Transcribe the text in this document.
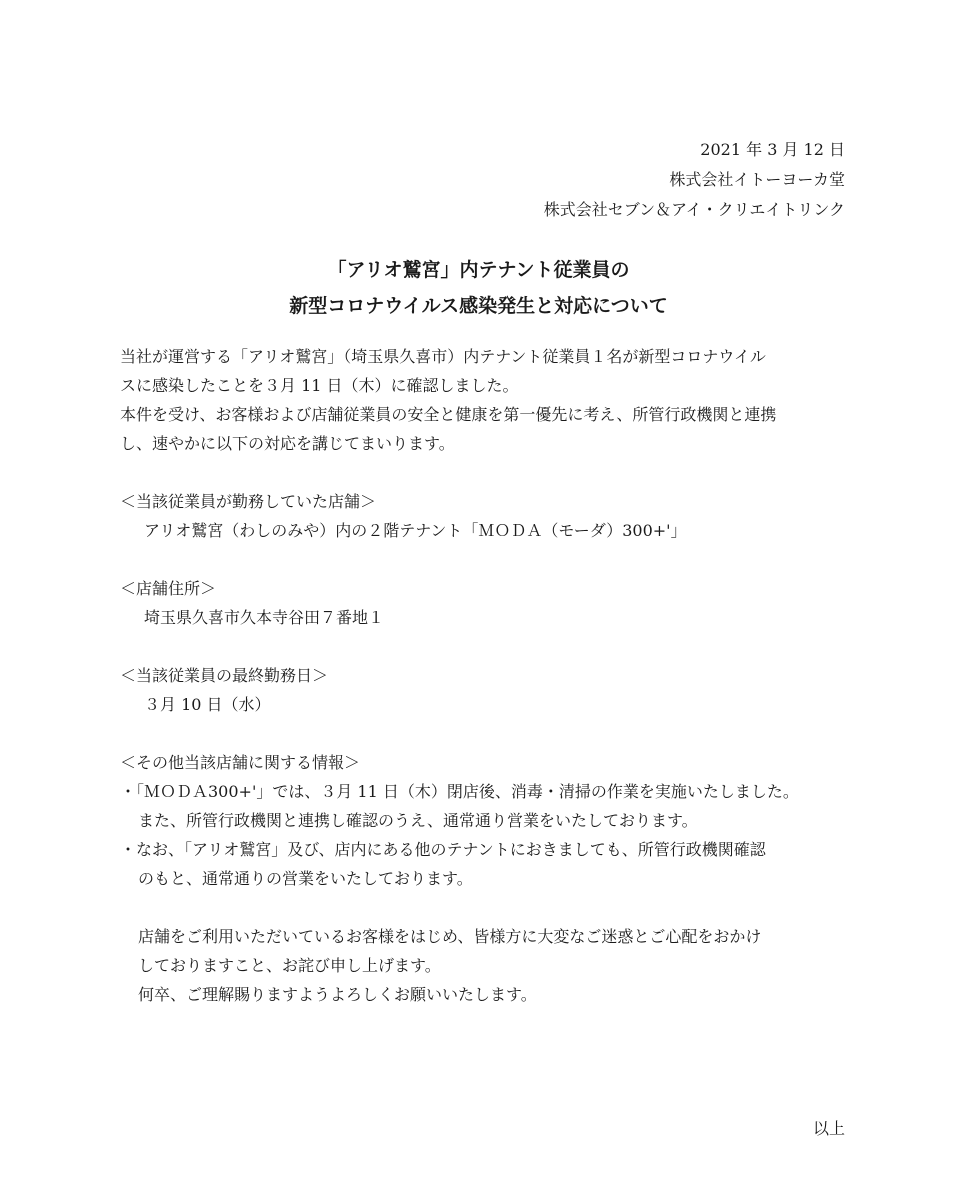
2021 年 3 月 12 日
株式会社イトーヨーカ堂
株式会社セブン＆アイ・クリエイトリンク
「アリオ鷲宮」内テナント従業員の
新型コロナウイルス感染発生と対応について
当社が運営する「アリオ鷲宮」（埼玉県久喜市）内テナント従業員１名が新型コロナウイル
スに感染したことを３月 11 日（木）に確認しました。
本件を受け、お客様および店舗従業員の安全と健康を第一優先に考え、所管行政機関と連携
し、速やかに以下の対応を講じてまいります。
＜当該従業員が勤務していた店舗＞
アリオ鷲宮（わしのみや）内の２階テナント「ＭＯＤＡ（モーダ）300+'」
＜店舗住所＞
埼玉県久喜市久本寺谷田７番地１
＜当該従業員の最終勤務日＞
３月 10 日（水）
＜その他当該店舗に関する情報＞
・「ＭＯＤＡ300+'」では、３月 11 日（木）閉店後、消毒・清掃の作業を実施いたしました。
また、所管行政機関と連携し確認のうえ、通常通り営業をいたしております。
・なお、「アリオ鷲宮」及び、店内にある他のテナントにおきましても、所管行政機関確認
のもと、通常通りの営業をいたしております。
店舗をご利用いただいているお客様をはじめ、皆様方に大変なご迷惑とご心配をおかけ
しておりますこと、お詫び申し上げます。
何卒、ご理解賜りますようよろしくお願いいたします。
以上
